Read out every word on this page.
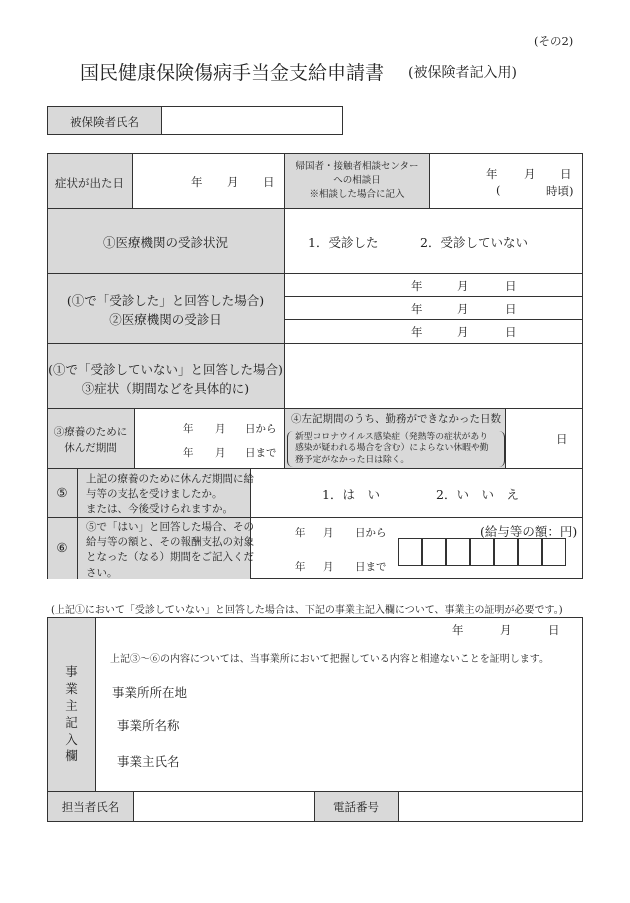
(その2)
国民健康保険傷病手当金支給申請書 (被保険者記入用)
被保険者氏名
症状が出た日	年 月 日
帰国者・接触者相談センター
への相談日
※相談した場合に記入
年 月 日
(	時頃)
①医療機関の受診状況	1．受診した	2．受診していない
(①で「受診した」と回答した場合)
②医療機関の受診日
年	月	日
年	月	日
年	月	日
(①で「受診していない」と回答した場合)
③症状（期間などを具体的に)
③療養のために
休んだ期間
年 月 日から
年 月 日まで
④左記期間のうち、勤務ができなかった日数
新型コロナウイルス感染症（発熱等の症状があり
感染が疑われる場合を含む）によらない休暇や勤
務予定がなかった日は除く。
日
⑤
上記の療養のために休んだ期間に給
与等の支払を受けましたか。
または、今後受けられますか。
1．は　い	2．い　い　え
⑥
⑤で「はい」と回答した場合、その
給与等の額と、その報酬支払の対象
となった（なる）期間をご記入くだ
さい。
年 月 日から
年 月 日まで
(給与等の額：円)
(上記①において「受診していない」と回答した場合は、下記の事業主記入欄について、事業主の証明が必要です。)
事
業
主
記
入
欄
年	月	日
上記③～⑥の内容については、当事業所において把握している内容と相違ないことを証明します。
事業所所在地
事業所名称
事業主氏名
担当者氏名	電話番号
